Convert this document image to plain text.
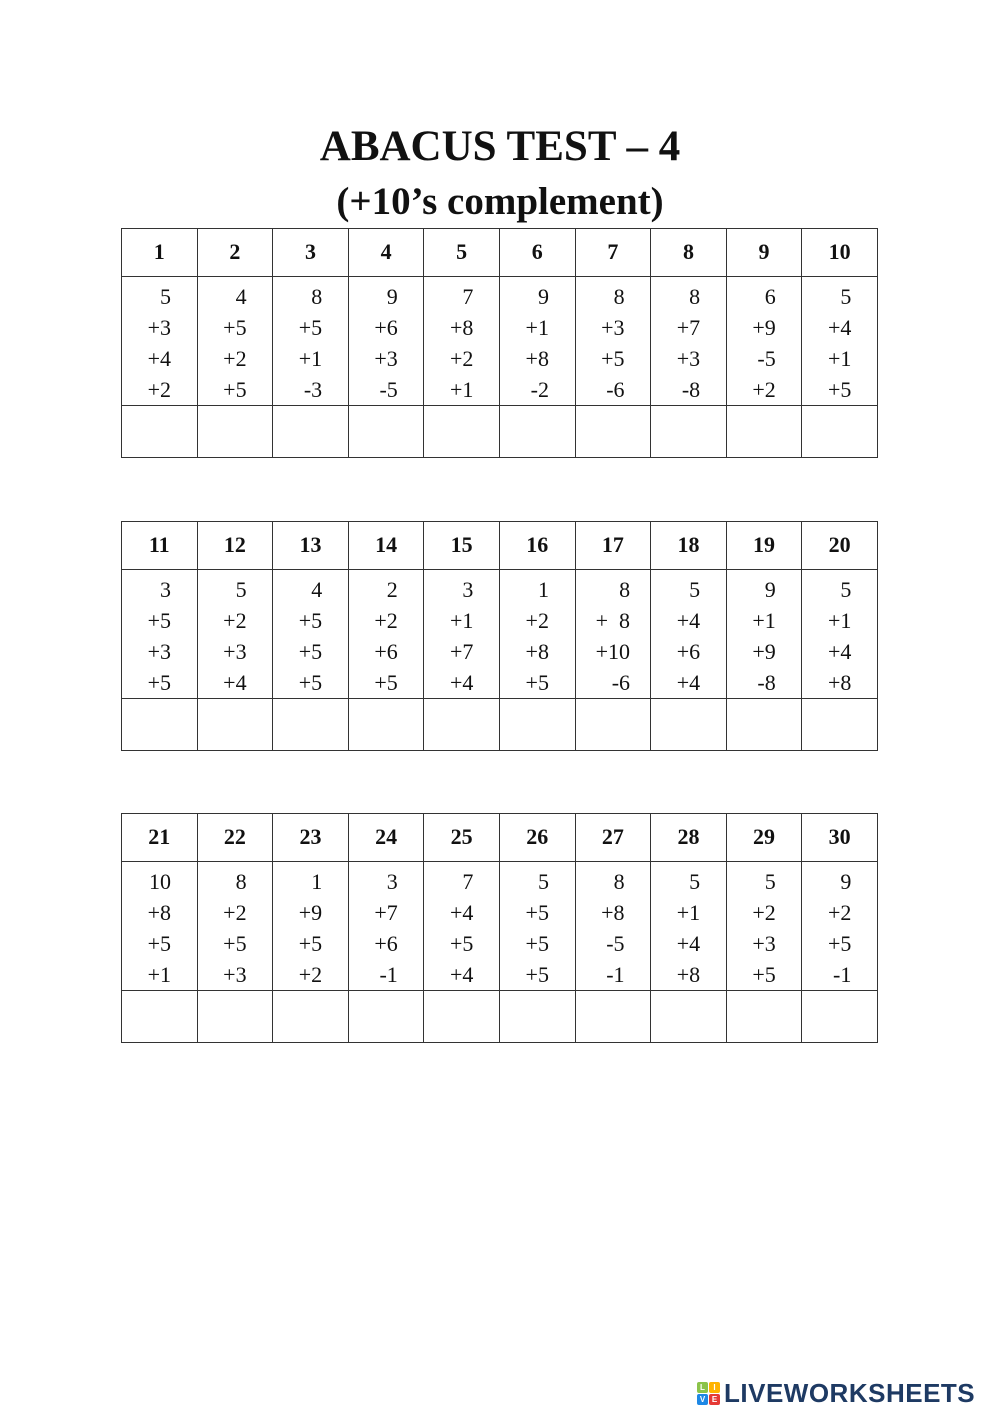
ABACUS TEST – 4
(+10’s complement)
1	2	3	4	5	6	7	8	9	10

5
+3
+4
+2

4
+5
+2
+5

8
+5
+1
-3

9
+6
+3
-5

7
+8
+2
+1

9
+1
+8
-2

8
+3
+5
-6

8
+7
+3
-8

6
+9
-5
+2

5
+4
+1
+5

11	12	13	14	15	16	17	18	19	20

3
+5
+3
+5

5
+2
+3
+4

4
+5
+5
+5

2
+2
+6
+5

3
+1
+7
+4

1
+2
+8
+5

8
+  8
+10
-6

5
+4
+6
+4

9
+1
+9
-8

5
+1
+4
+8

21	22	23	24	25	26	27	28	29	30

10
+8
+5
+1

8
+2
+5
+3

1
+9
+5
+2

3
+7
+6
-1

7
+4
+5
+4

5
+5
+5
+5

8
+8
-5
-1

5
+1
+4
+8

5
+2
+3
+5

9
+2
+5
-1

L	I
V E LIVEWORKSHEETS
